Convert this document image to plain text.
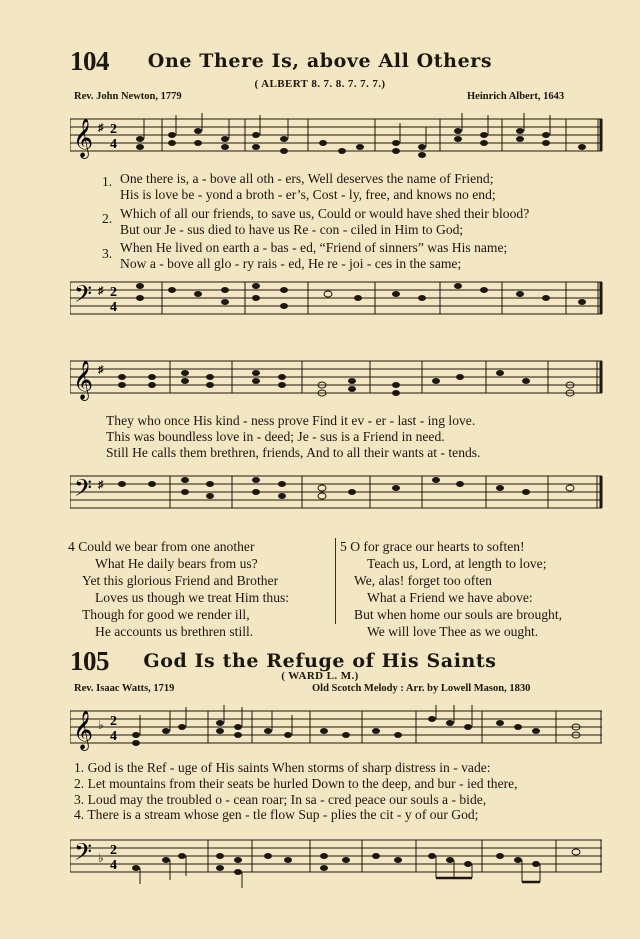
104	One There Is, above All Others
( ALBERT 8. 7. 8. 7. 7. 7.)
Rev. John Newton, 1779	Heinrich Albert, 1643
𝄞 ♯ 2
4
1.
2.
3.
One there is, a - bove all oth - ers, Well deserves the name of Friend;
His is love be - yond a broth - er’s, Cost - ly, free, and knows no end;
Which of all our friends, to save us, Could or would have shed their blood?
But our Je - sus died to have us Re - con - ciled in Him to God;
When He lived on earth a - bas - ed, “Friend of sinners” was His name;
Now a - bove all glo - ry rais - ed, He re - joi - ces in the same;
𝄢 ♯ 2
4
𝄞 ♯
They who once His kind - ness prove Find it ev - er - last - ing love.
This was boundless love in - deed; Je - sus is a Friend in need.
Still He calls them brethren, friends, And to all their wants at - tends.
𝄢 ♯
4 Could we bear from one another
What He daily bears from us?
Yet this glorious Friend and Brother
Loves us though we treat Him thus:
Though for good we render ill,
He accounts us brethren still.
5 O for grace our hearts to soften!
Teach us, Lord, at length to love;
We, alas! forget too often
What a Friend we have above:
But when home our souls are brought,
We will love Thee as we ought.
105	God Is the Refuge of His Saints
( WARD L. M.)
Rev. Isaac Watts, 1719	Old Scotch Melody : Arr. by Lowell Mason, 1830
𝄞 ♭ 2
4
1. God is the Ref - uge of His saints When storms of sharp distress in - vade:
2. Let mountains from their seats be hurled Down to the deep, and bur - ied there,
3. Loud may the troubled o - cean roar; In sa - cred peace our souls a - bide,
4. There is a stream whose gen - tle flow Sup - plies the cit - y of our God;
𝄢 ♭ 2
4
